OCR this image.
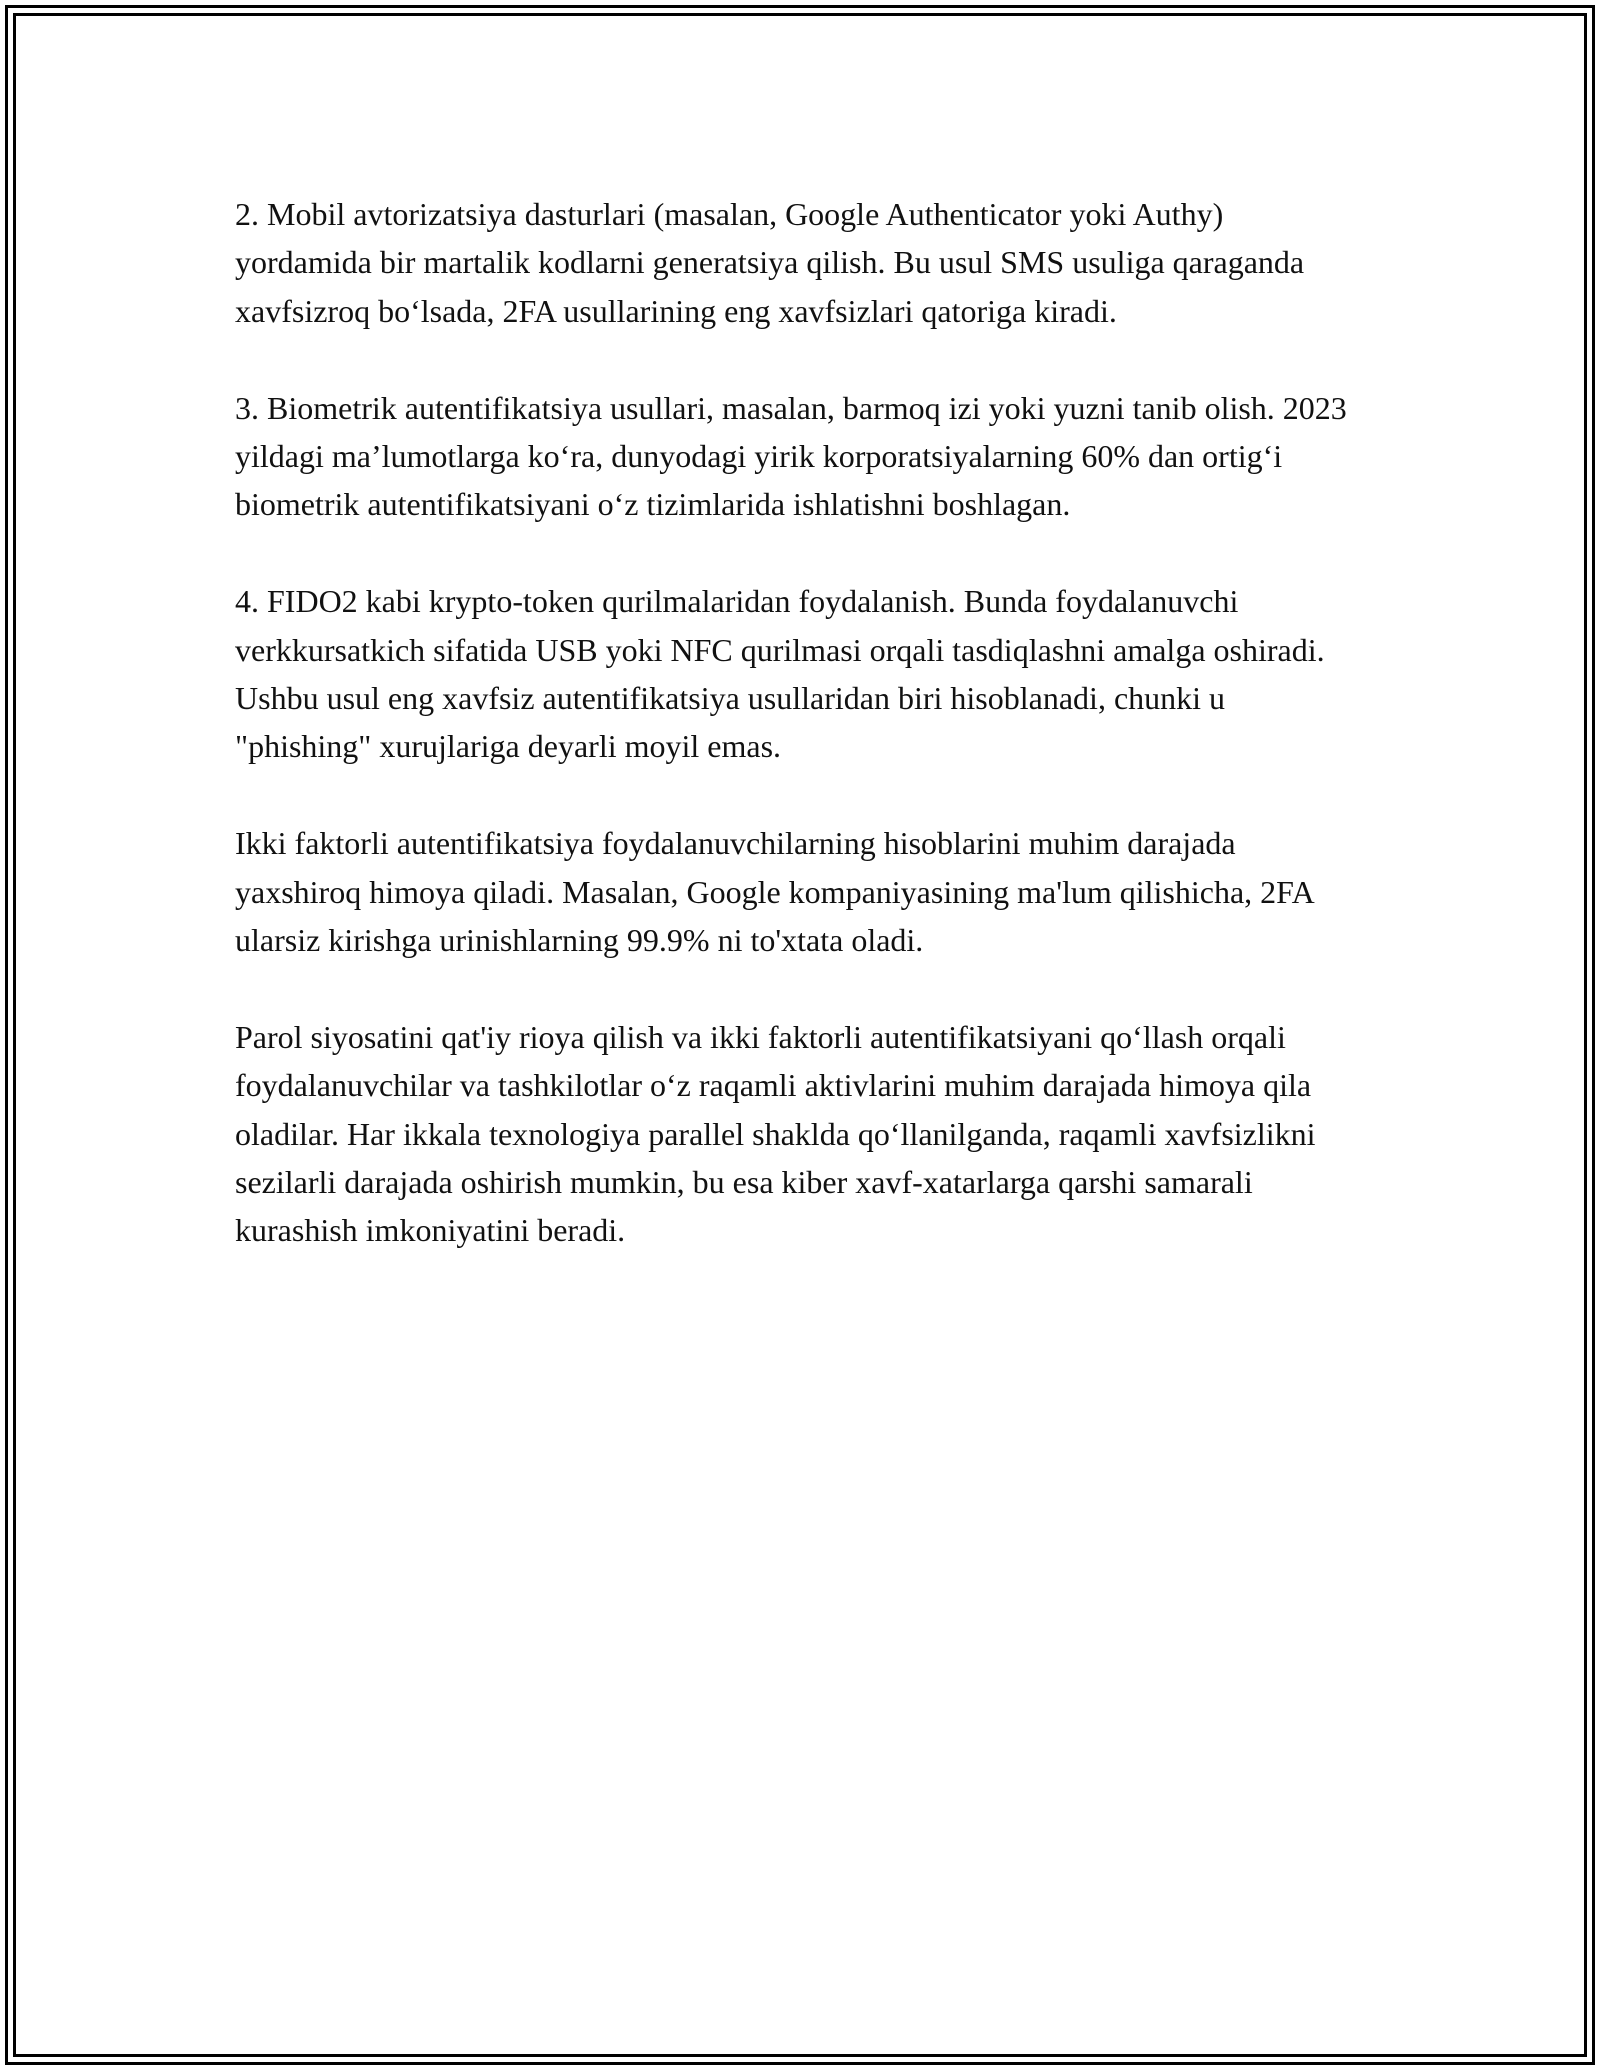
2. Mobil avtorizatsiya dasturlari (masalan, Google Authenticator yoki Authy) yordamida bir martalik kodlarni generatsiya qilish. Bu usul SMS usuliga qaraganda xavfsizroq bo‘lsada, 2FA usullarining eng xavfsizlari qatoriga kiradi.

3. Biometrik autentifikatsiya usullari, masalan, barmoq izi yoki yuzni tanib olish. 2023 yildagi ma’lumotlarga ko‘ra, dunyodagi yirik korporatsiyalarning 60% dan ortig‘i biometrik autentifikatsiyani o‘z tizimlarida ishlatishni boshlagan.

4. FIDO2 kabi krypto-token qurilmalaridan foydalanish. Bunda foydalanuvchi verkkursatkich sifatida USB yoki NFC qurilmasi orqali tasdiqlashni amalga oshiradi. Ushbu usul eng xavfsiz autentifikatsiya usullaridan biri hisoblanadi, chunki u "phishing" xurujlariga deyarli moyil emas.

Ikki faktorli autentifikatsiya foydalanuvchilarning hisoblarini muhim darajada yaxshiroq himoya qiladi. Masalan, Google kompaniyasining ma'lum qilishicha, 2FA ularsiz kirishga urinishlarning 99.9% ni to'xtata oladi.

Parol siyosatini qat'iy rioya qilish va ikki faktorli autentifikatsiyani qo‘llash orqali foydalanuvchilar va tashkilotlar o‘z raqamli aktivlarini muhim darajada himoya qila oladilar. Har ikkala texnologiya parallel shaklda qo‘llanilganda, raqamli xavfsizlikni sezilarli darajada oshirish mumkin, bu esa kiber xavf-xatarlarga qarshi samarali kurashish imkoniyatini beradi.
